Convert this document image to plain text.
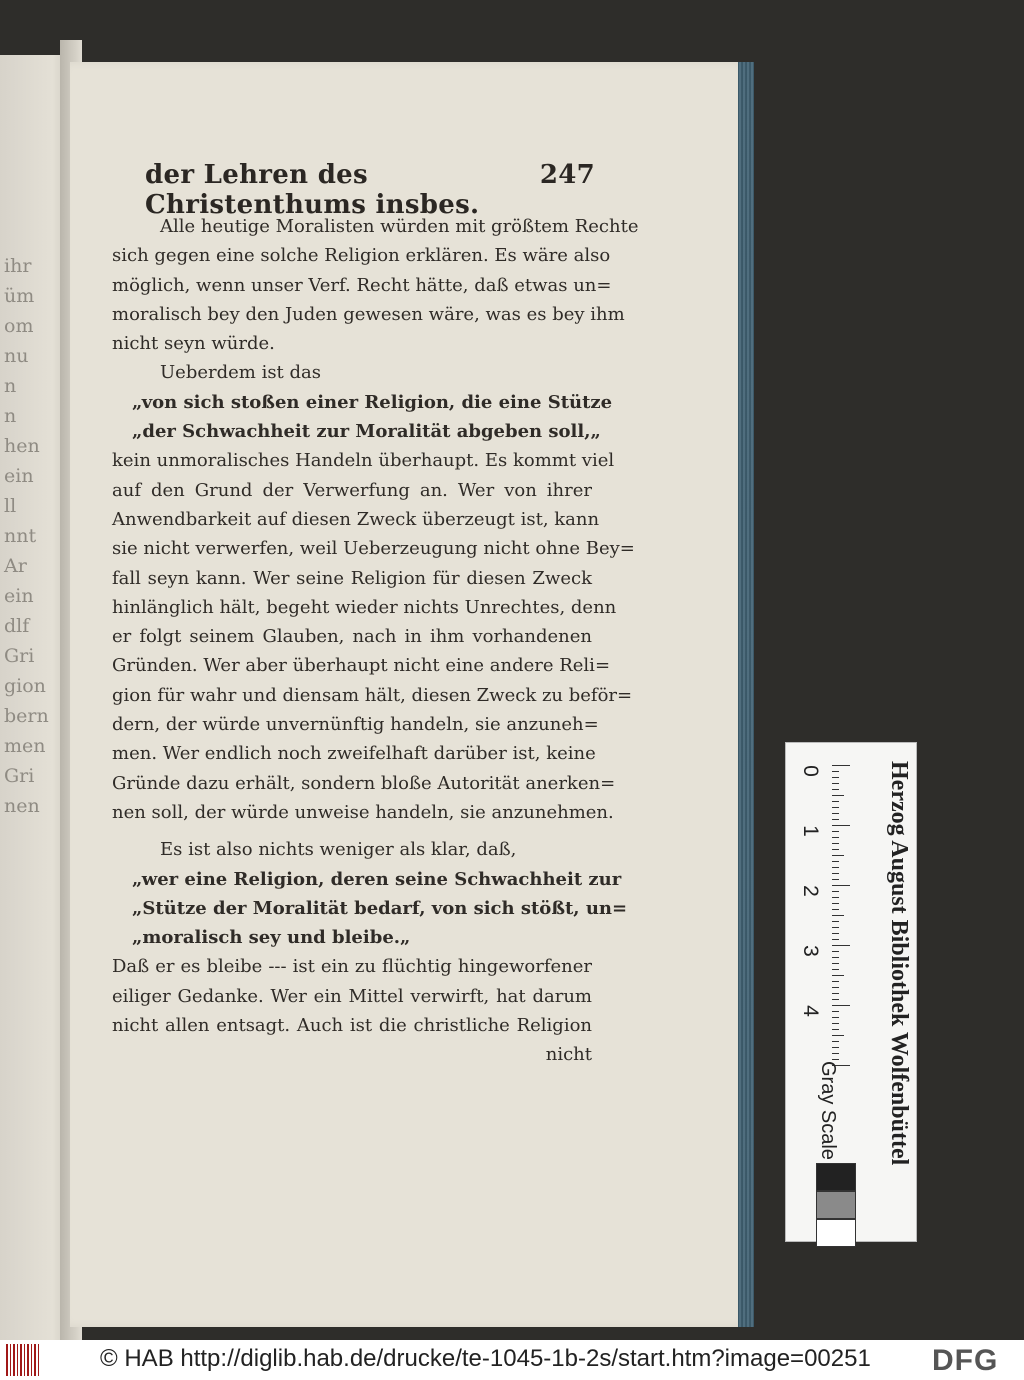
ihr
üm
om
nu
n
n
hen
ein
ll
nnt
Ar
ein
dlf
Gri
gion
bern
men
Gri
nen
der Lehren des Christenthums insbes.
247
Alle heutige Moralisten würden mit größtem Rechte
sich gegen eine solche Religion erklären. Es wäre also
möglich, wenn unser Verf. Recht hätte, daß etwas un=
moralisch bey den Juden gewesen wäre, was es bey ihm
nicht seyn würde.
Ueberdem ist das
„von sich stoßen einer Religion, die eine Stütze
„der Schwachheit zur Moralität abgeben soll,„
kein unmoralisches Handeln überhaupt. Es kommt viel
auf den Grund der Verwerfung an. Wer von ihrer
Anwendbarkeit auf diesen Zweck überzeugt ist, kann
sie nicht verwerfen, weil Ueberzeugung nicht ohne Bey=
fall seyn kann. Wer seine Religion für diesen Zweck
hinlänglich hält, begeht wieder nichts Unrechtes, denn
er folgt seinem Glauben, nach in ihm vorhandenen
Gründen. Wer aber überhaupt nicht eine andere Reli=
gion für wahr und diensam hält, diesen Zweck zu beför=
dern, der würde unvernünftig handeln, sie anzuneh=
men. Wer endlich noch zweifelhaft darüber ist, keine
Gründe dazu erhält, sondern bloße Autorität anerken=
nen soll, der würde unweise handeln, sie anzunehmen.
Es ist also nichts weniger als klar, daß,
„wer eine Religion, deren seine Schwachheit zur
„Stütze der Moralität bedarf, von sich stößt, un=
„moralisch sey und bleibe.„
Daß er es bleibe --- ist ein zu flüchtig hingeworfener
eiliger Gedanke. Wer ein Mittel verwirft, hat darum
nicht allen entsagt. Auch ist die christliche Religion
nicht
0
1
2
3
4
Gray Scale	Herzog August Bibliothek Wolfenbüttel
© HAB http://diglib.hab.de/drucke/te-1045-1b-2s/start.htm?image=00251 DFG
